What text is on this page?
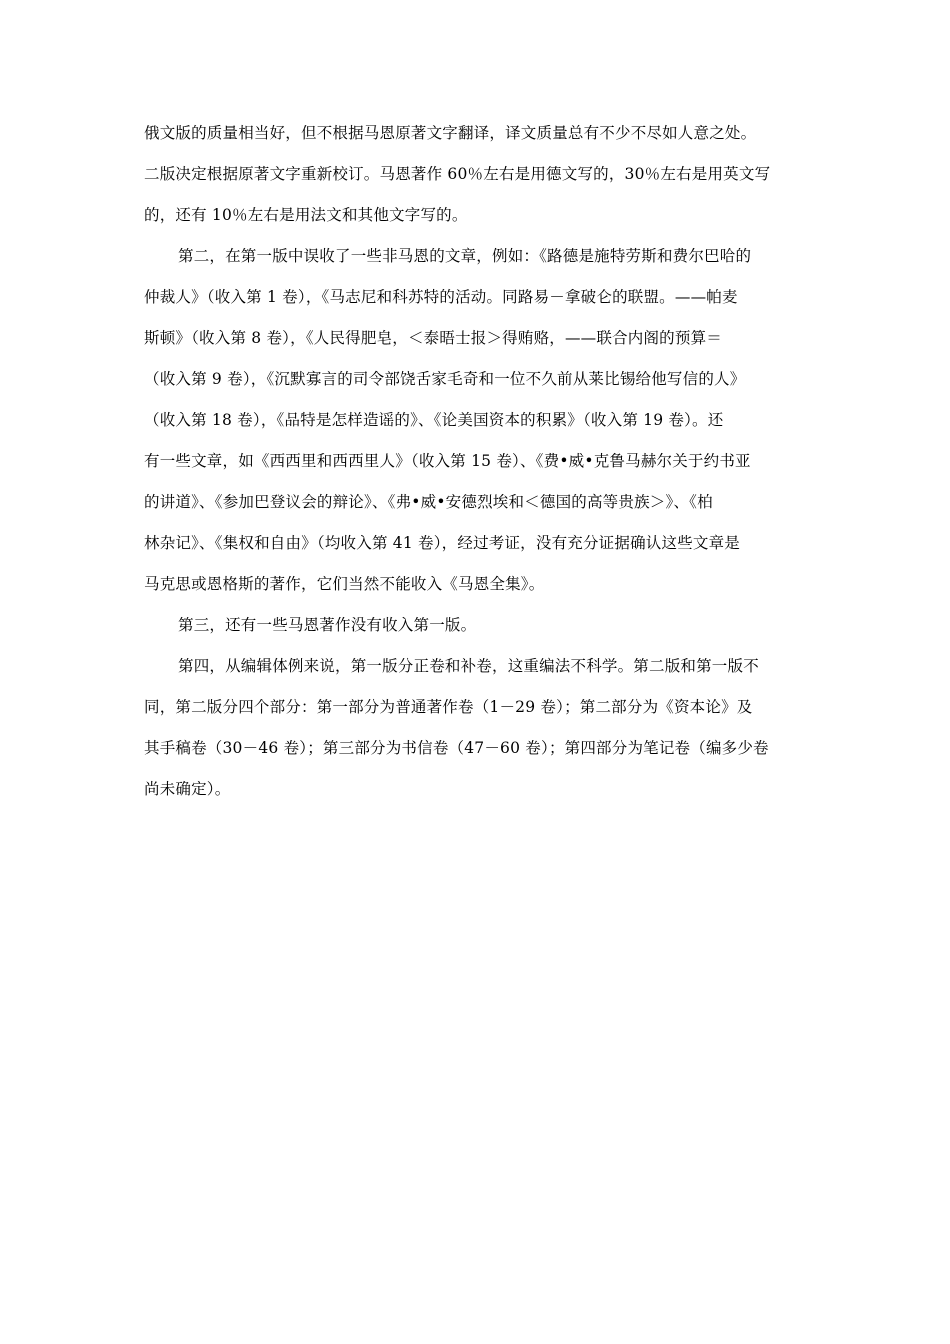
俄文版的质量相当好，但不根据马恩原著文字翻译，译文质量总有不少不尽如人意之处。
二版决定根据原著文字重新校订。马恩著作 60％左右是用德文写的，30％左右是用英文写
的，还有 10％左右是用法文和其他文字写的。
第二，在第一版中误收了一些非马恩的文章，例如：《路德是施特劳斯和费尔巴哈的
仲裁人》（收入第 1 卷），《马志尼和科苏特的活动。同路易－拿破仑的联盟。——帕麦
斯顿》（收入第 8 卷），《人民得肥皂，＜泰晤士报＞得贿赂，——联合内阁的预算＝
（收入第 9 卷），《沉默寡言的司令部饶舌家毛奇和一位不久前从莱比锡给他写信的人》
（收入第 18 卷），《品特是怎样造谣的》、《论美国资本的积累》（收入第 19 卷）。还
有一些文章，如《西西里和西西里人》（收入第 15 卷）、《费•威•克鲁马赫尔关于约书亚
的讲道》、《参加巴登议会的辩论》、《弗•威•安德烈埃和＜德国的高等贵族＞》、《柏
林杂记》、《集权和自由》（均收入第 41 卷），经过考证，没有充分证据确认这些文章是
马克思或恩格斯的著作，它们当然不能收入《马恩全集》。
第三，还有一些马恩著作没有收入第一版。
第四，从编辑体例来说，第一版分正卷和补卷，这重编法不科学。第二版和第一版不
同，第二版分四个部分：第一部分为普通著作卷（1－29 卷）；第二部分为《资本论》及
其手稿卷（30－46 卷）；第三部分为书信卷（47－60 卷）；第四部分为笔记卷（编多少卷
尚未确定）。
